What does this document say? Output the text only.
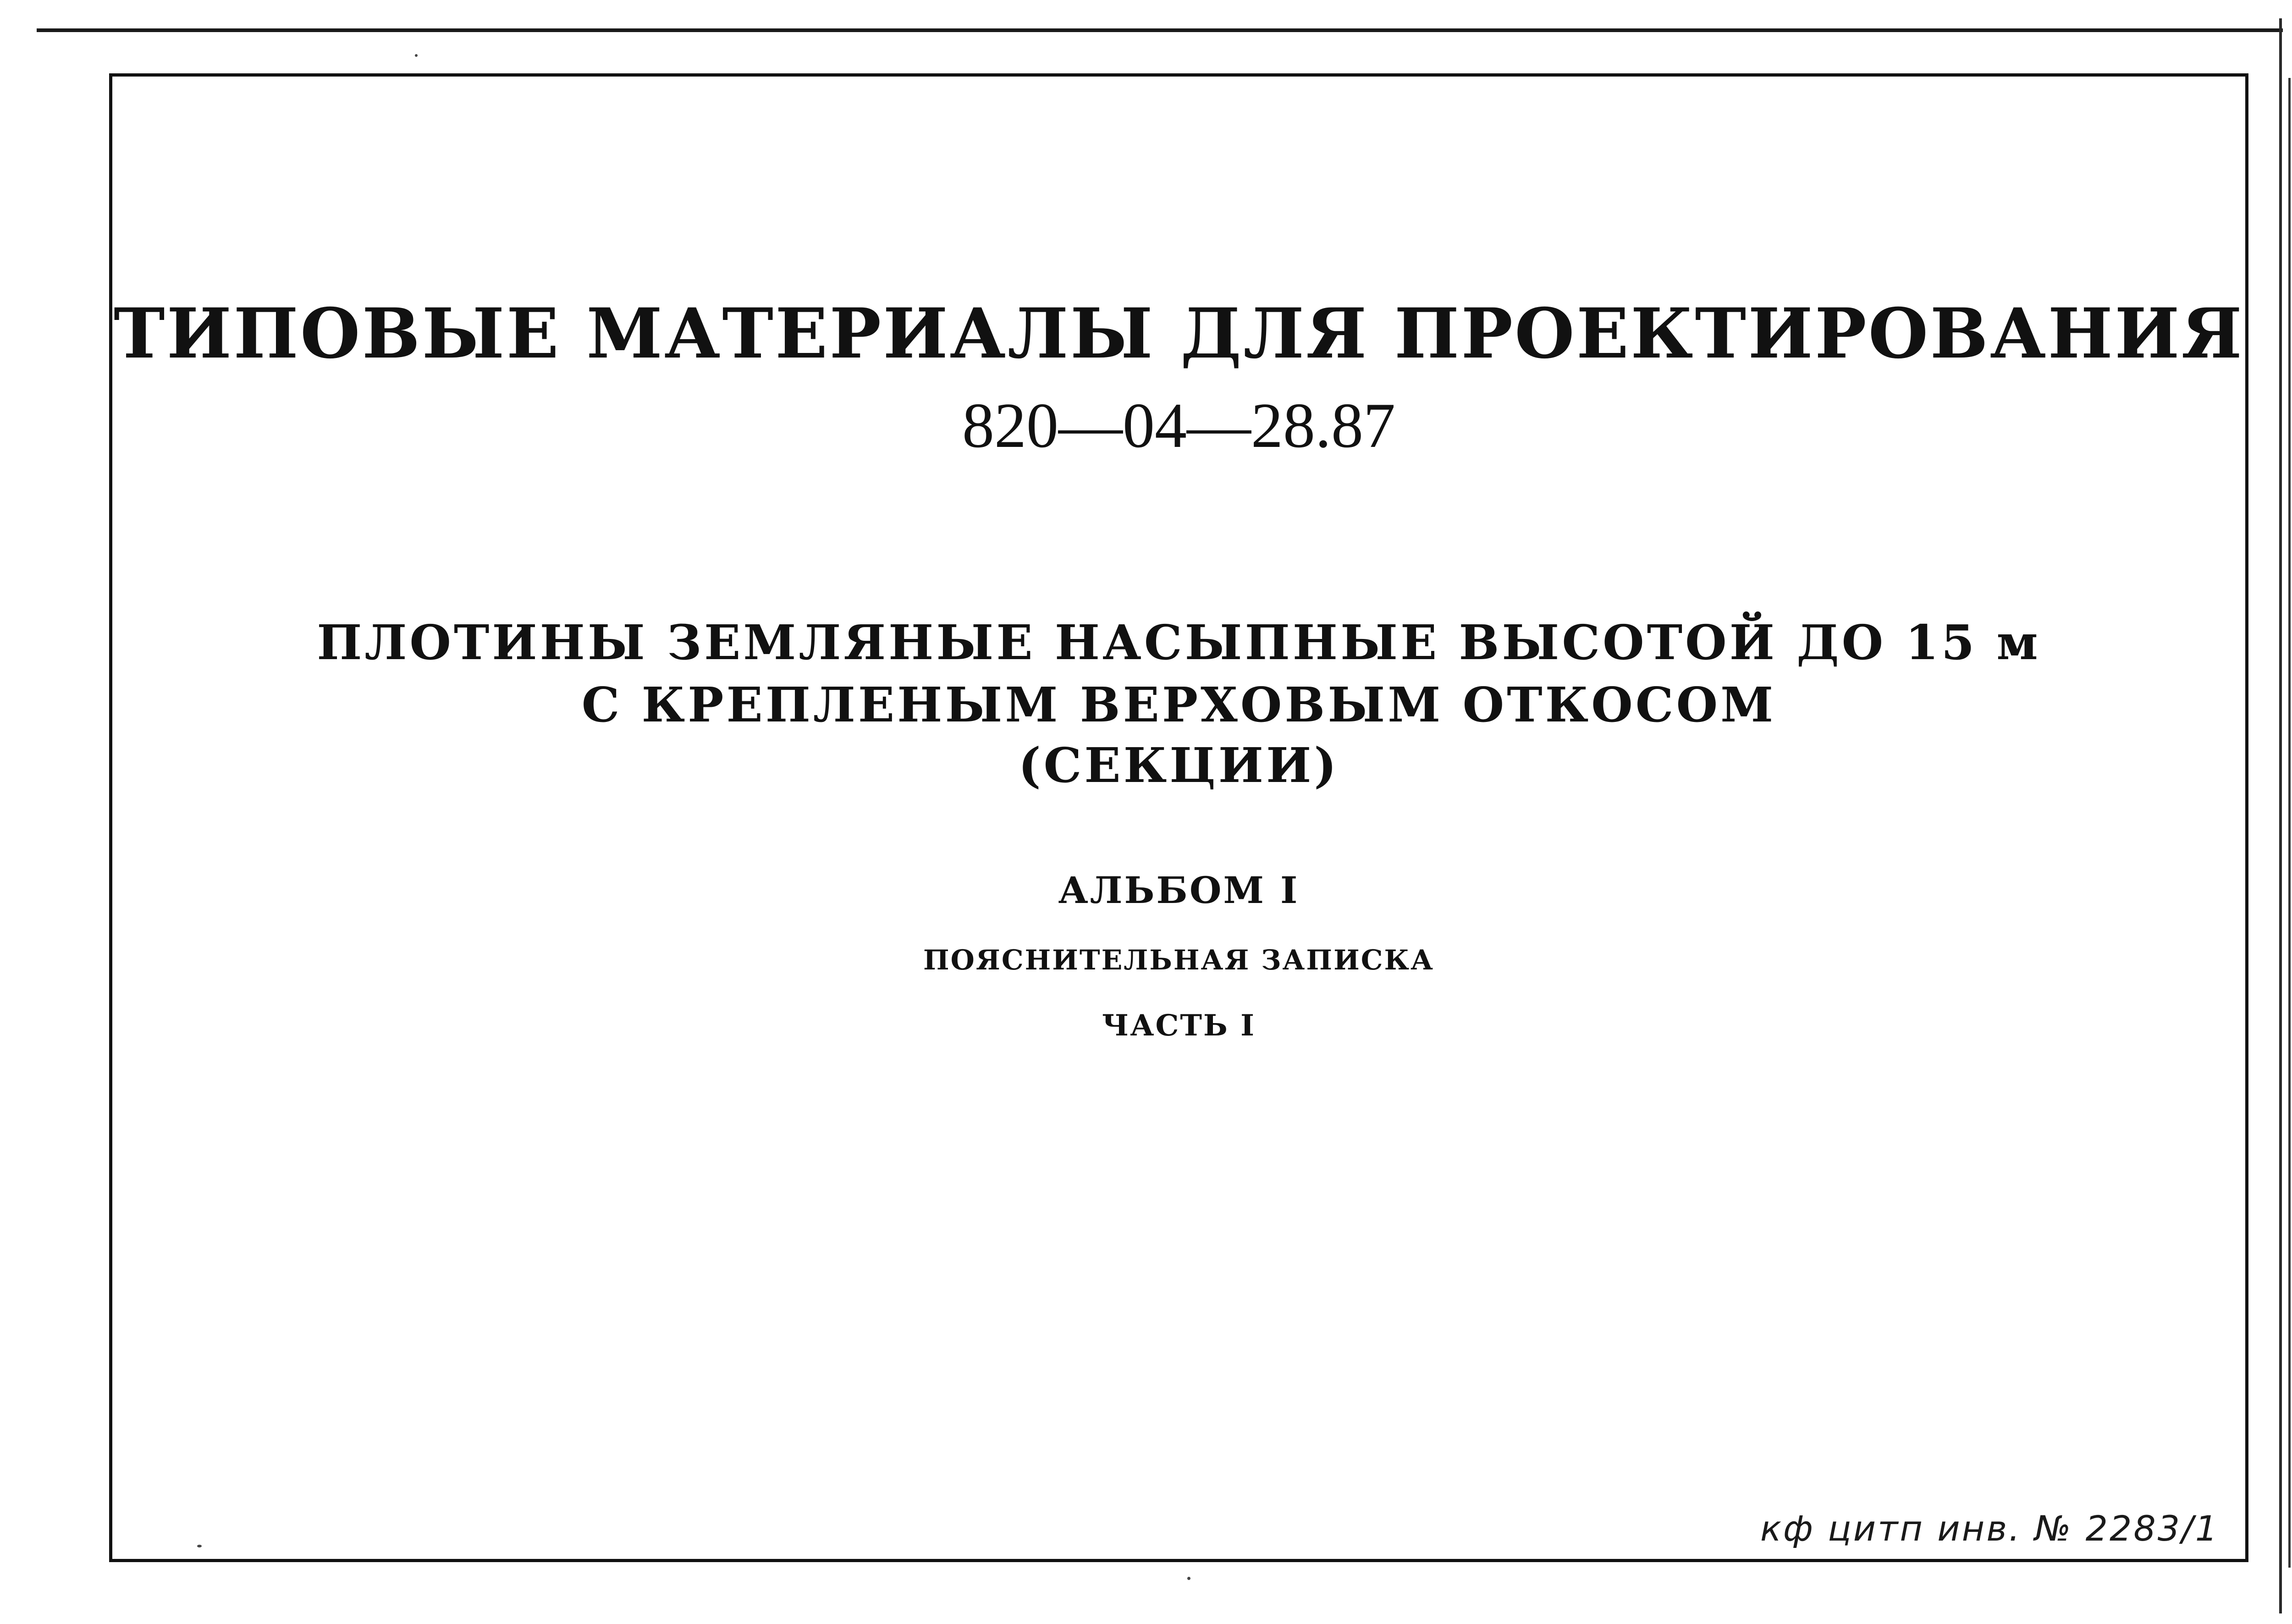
ТИПОВЫЕ МАТЕРИАЛЫ ДЛЯ ПРОЕКТИРОВАНИЯ
820—04—28.87
ПЛОТИНЫ ЗЕМЛЯНЫЕ НАСЫПНЫЕ ВЫСОТОЙ ДО 15 м
С КРЕПЛЕНЫМ ВЕРХОВЫМ ОТКОСОМ
(СЕКЦИИ)
АЛЬБОМ I
ПОЯСНИТЕЛЬНАЯ ЗАПИСКА
ЧАСТЬ I
кф цитп инв. № 2283/1
